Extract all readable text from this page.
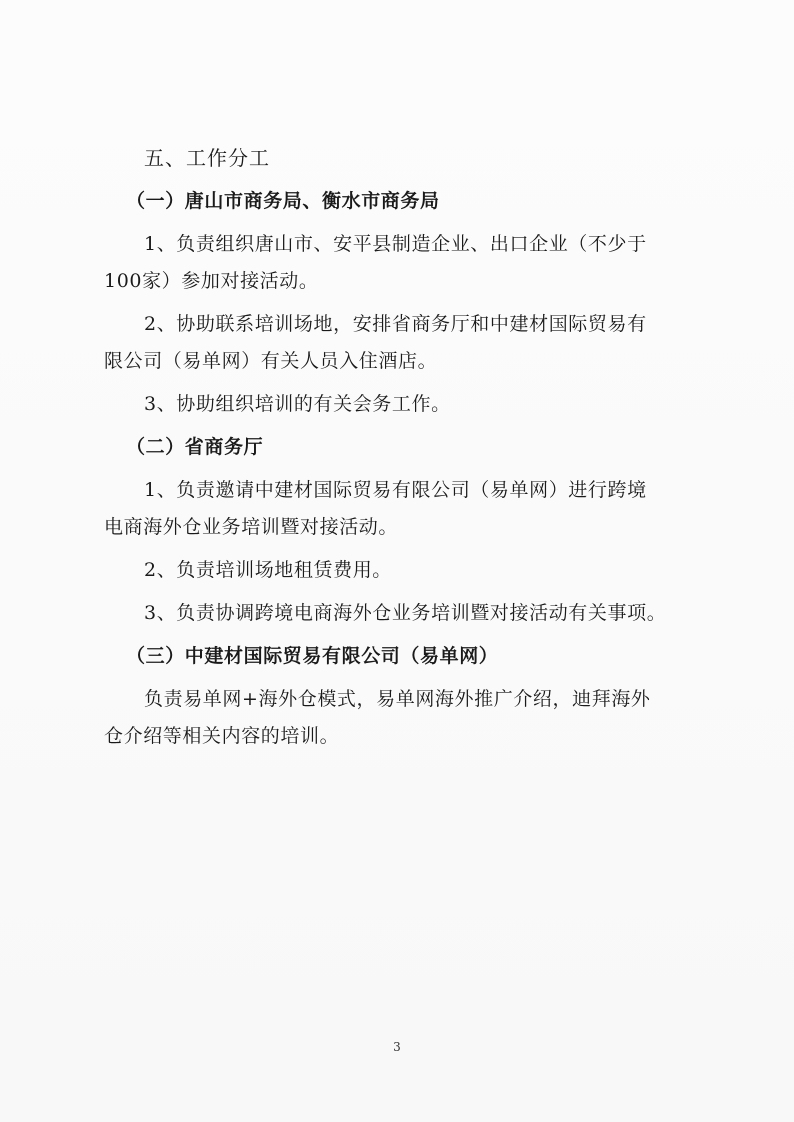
五、工作分工
（一）唐山市商务局、衡水市商务局
1、负责组织唐山市、安平县制造企业、出口企业（不少于
100家）参加对接活动。
2、协助联系培训场地，安排省商务厅和中建材国际贸易有
限公司（易单网）有关人员入住酒店。
3、协助组织培训的有关会务工作。
（二）省商务厅
1、负责邀请中建材国际贸易有限公司（易单网）进行跨境
电商海外仓业务培训暨对接活动。
2、负责培训场地租赁费用。
3、负责协调跨境电商海外仓业务培训暨对接活动有关事项。
（三）中建材国际贸易有限公司（易单网）
负责易单网+海外仓模式，易单网海外推广介绍，迪拜海外
仓介绍等相关内容的培训。
3
